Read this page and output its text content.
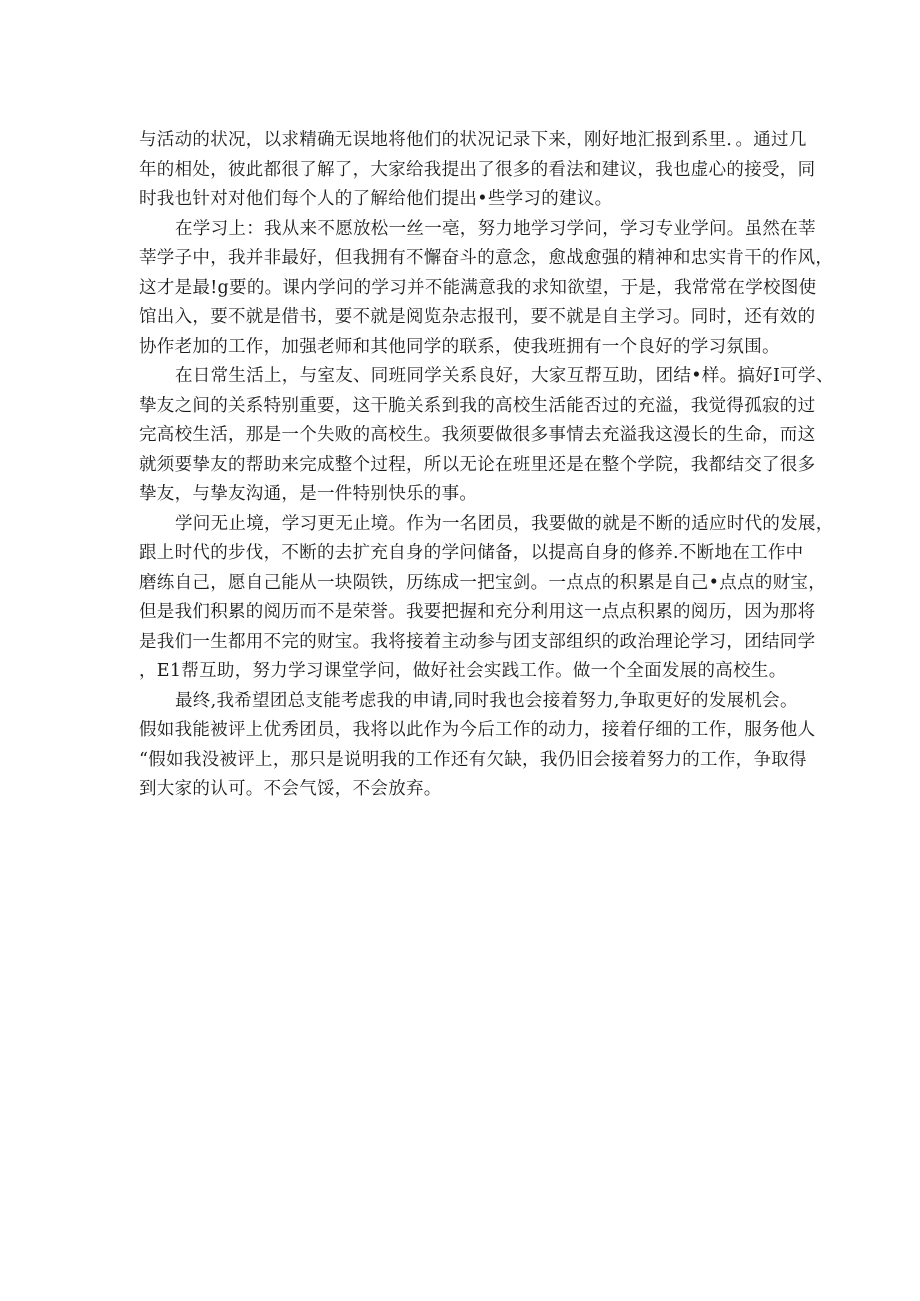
与活动的状况，以求精确无误地将他们的状况记录下来，刚好地汇报到系里．。通过几
年的相处，彼此都很了解了，大家给我提出了很多的看法和建议，我也虚心的接受，同
时我也针对对他们每个人的了解给他们提出•些学习的建议。
在学习上：我从来不愿放松一丝一亳，努力地学习学问，学习专业学问。虽然在莘
莘学子中，我并非最好，但我拥有不懈奋斗的意念，愈战愈强的精神和忠实肯干的作风，
这才是最!g要的。课内学问的学习并不能满意我的求知欲望，于是，我常常在学校图使
馆出入，要不就是借书，要不就是阅览杂志报刊，要不就是自主学习。同时，还有效的
协作老加的工作，加强老师和其他同学的联系，使我班拥有一个良好的学习氛围。
在日常生活上，与室友、同班同学关系良好，大家互帮互助，团结•样。搞好I可学、
挚友之间的关系特别重要，这干脆关系到我的高校生活能否过的充溢，我觉得孤寂的过
完高校生活，那是一个失败的高校生。我须要做很多事情去充溢我这漫长的生命，而这
就须要挚友的帮助来完成整个过程，所以无论在班里还是在整个学院，我都结交了很多
挚友，与挚友沟通，是一件特别快乐的事。
学问无止境，学习更无止境。作为一名团员，我要做的就是不断的适应时代的发展，
跟上时代的步伐，不断的去扩充自身的学问储备，以提高自身的修养.不断地在工作中
磨练自己，愿自己能从一块陨铁，历练成一把宝剑。一点点的积累是自己•点点的财宝，
但是我们积累的阅历而不是荣誉。我要把握和充分利用这一点点积累的阅历，因为那将
是我们一生都用不完的财宝。我将接着主动参与团支部组织的政治理论学习，团结同学
，E1帮互助，努力学习课堂学问，做好社会实践工作。做一个全面发展的高校生。
最终,我希望团总支能考虑我的申请,同时我也会接着努力,争取更好的发展机会。
假如我能被评上优秀团员，我将以此作为今后工作的动力，接着仔细的工作，服务他人
“假如我没被评上，那只是说明我的工作还有欠缺，我仍旧会接着努力的工作，争取得
到大家的认可。不会气馁，不会放弃。
